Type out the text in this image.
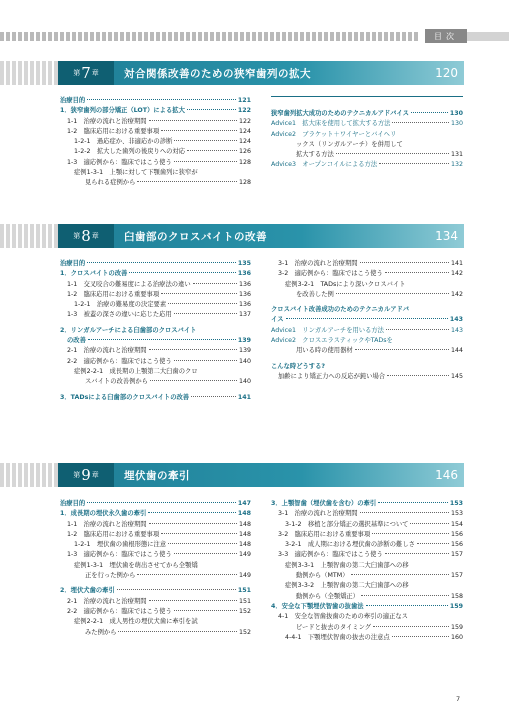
目次
第 7 章 対合関係改善のための狭窄歯列の拡大	120
治療目的	121
1．狭窄歯列の部分矯正（LOT）による拡大	122
1-1　治療の流れと治療期間	122
1-2　臨床応用における重要事項	124
1-2-1　過応症か、非適応かの診断	124
1-2-2　拡大した歯列の後戻りへの対応	126
1-3　適応例から：臨床ではこう使う	128
症例1-3-1　上顎に対して下顎歯列に狭窄が
見られる症例から	128
狭窄歯列拡大成功のためのテクニカルアドバイス	130
Advice1　拡大床を使用して拡大する方法	130
Advice2　ブラケット＋ワイヤーとバイヘリ
ックス（リンガルアーチ）を併用して
拡大する方法	131
Advice3　オープンコイルによる方法	132
第 8 章 臼歯部のクロスバイトの改善	134
治療目的	135
1．クロスバイトの改善	136
1-1　交叉咬合の難易度による治療法の違い	136
1-2　臨床応用における重要事項	136
1-2-1　治療の難易度の決定要素	136
1-3　被蓋の深さの違いに応じた応用	137
2．リンガルアーチによる臼歯部のクロスバイト
の改善	139
2-1　治療の流れと治療期間	139
2-2　適応例から：臨床ではこう使う	140
症例2-2-1　成長期の上顎第二大臼歯のクロ
スバイトの改善例から	140
3．TADsによる臼歯部のクロスバイトの改善	141
3-1　治療の流れと治療期間	141
3-2　適応例から：臨床ではこう使う	142
症例3-2-1　TADsにより深いクロスバイト
を改善した例	142
クロスバイト改善成功のためのテクニカルアドバ
イス	143
Advice1　リンガルアーチを用いる方法	143
Advice2　クロスエラスティックやTADsを
用いる時の使用器材	144
こんな時どうする?
加齢により矯正力への反応が鈍い場合	145
第 9 章 埋伏歯の牽引	146
治療目的	147
1．成長期の埋伏永久歯の牽引	148
1-1　治療の流れと治療期間	148
1-2　臨床応用における重要事項	148
1-2-1　埋伏歯の歯根形態に注意	148
1-3　適応例から：臨床ではこう使う	149
症例1-3-1　埋伏歯を萌出させてから全顎矯
正を行った例から	149
2．埋伏犬歯の牽引	151
2-1　治療の流れと治療期間	151
2-2　適応例から：臨床ではこう使う	152
症例2-2-1　成人男性の埋伏犬歯に牽引を試
みた例から	152
3．上顎智歯（埋伏歯を含む）の牽引	153
3-1　治療の流れと治療期間	153
3-1-2　移植と部分矯正の選択基準について	154
3-2　臨床応用における重要事項	156
3-2-1　成人期における埋伏歯の診断の難しさ	156
3-3　適応例から：臨床ではこう使う	157
症例3-3-1　上顎智歯の第二大臼歯部への移
動例から（MTM）	157
症例3-3-2　上顎智歯の第二大臼歯部への移
動例から（全顎矯正）	158
4．安全な下顎埋伏智歯の抜歯法	159
4-1　安全な智歯抜歯のための牽引の適正なス
ピードと抜去のタイミング	159
4-4-1　下顎埋伏智歯の抜去の注意点	160
7
